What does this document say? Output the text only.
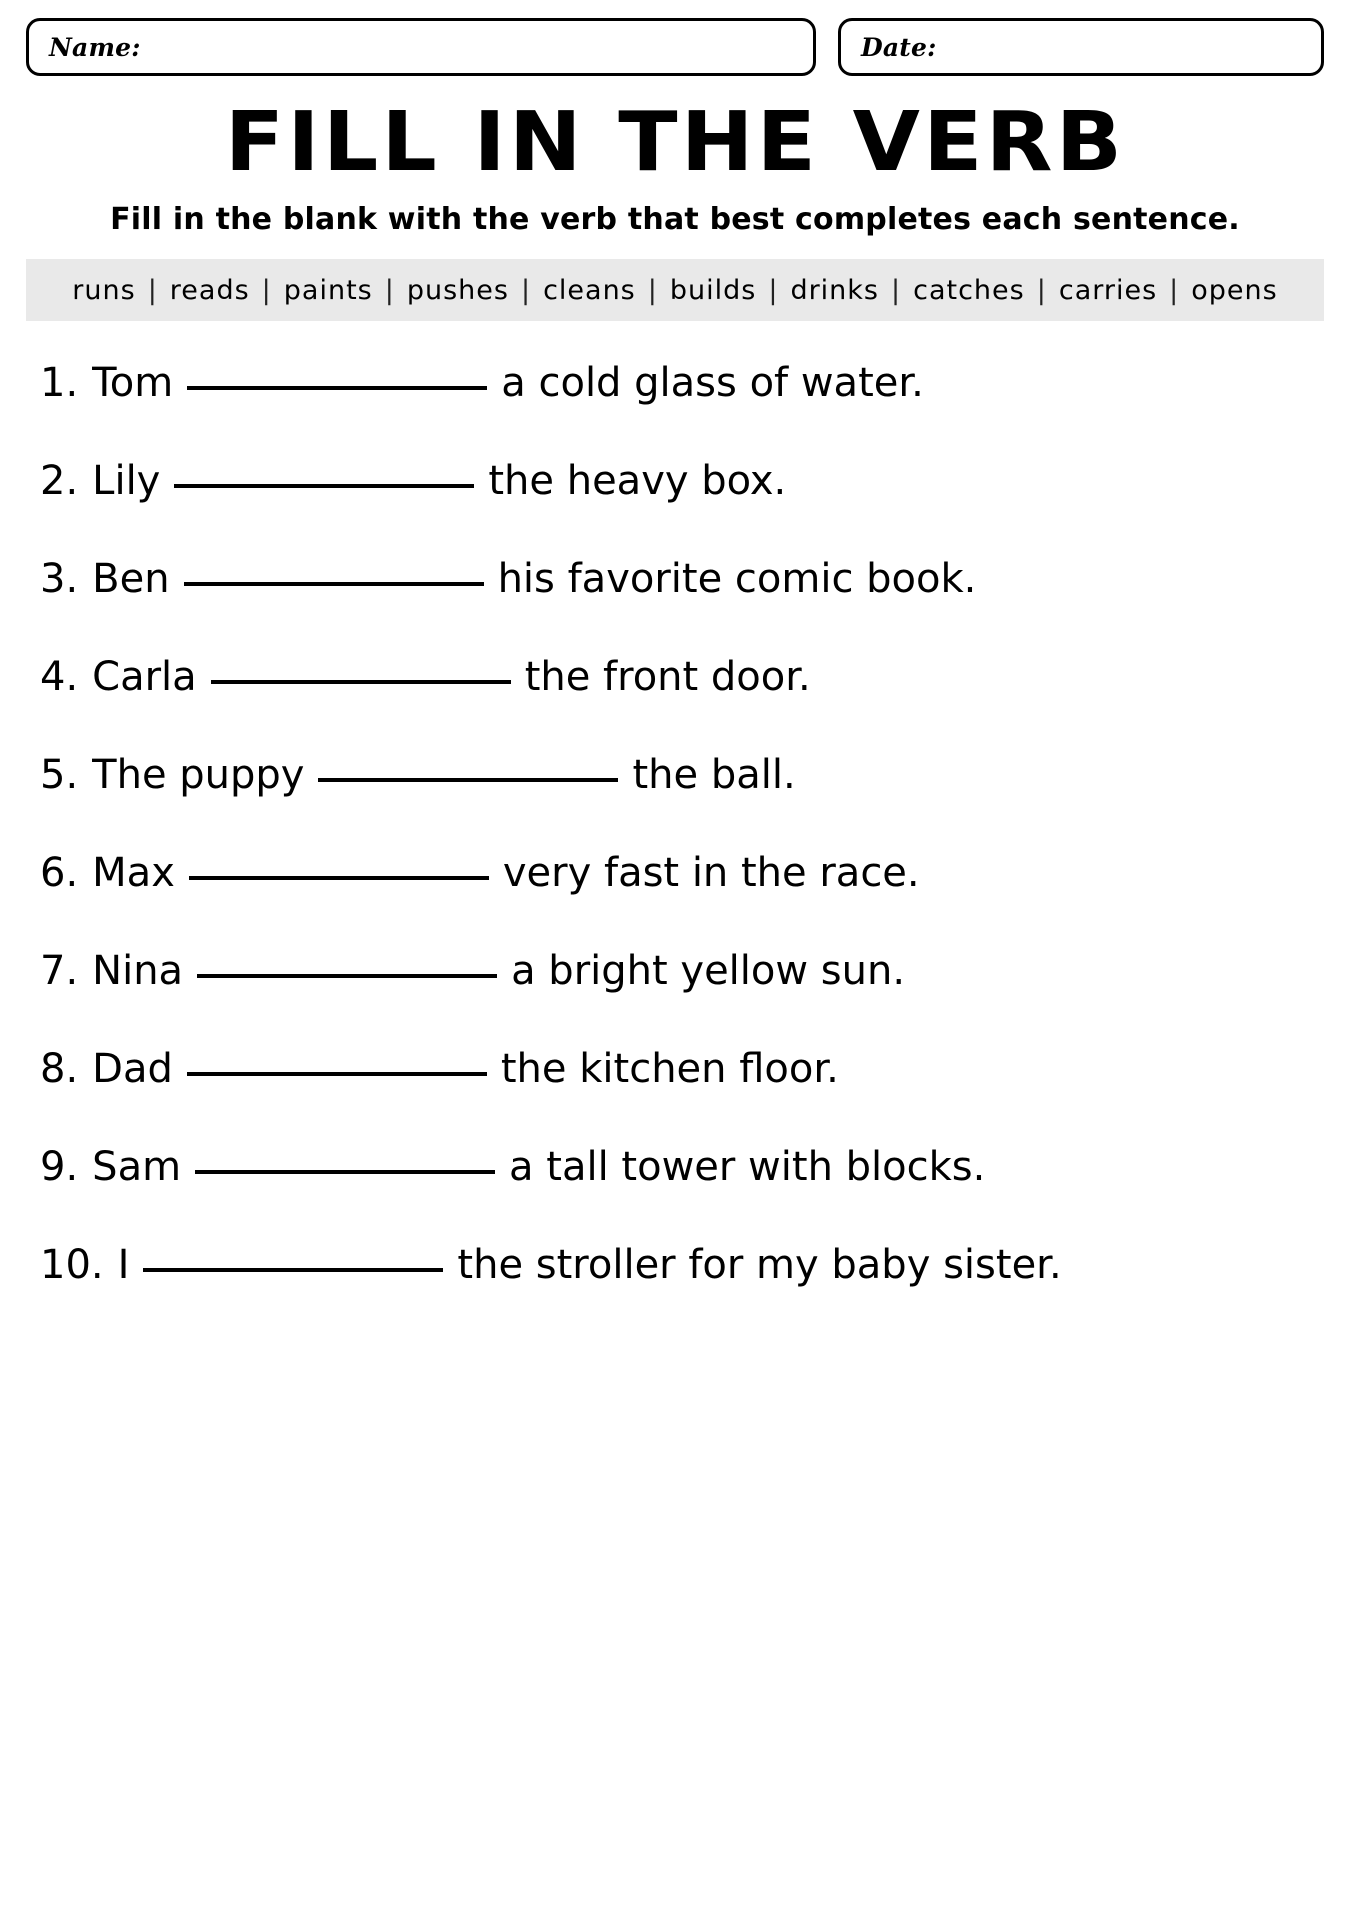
Name:	Date:
FILL IN THE VERB
Fill in the blank with the verb that best completes each sentence.
runs | reads | paints | pushes | cleans | builds | drinks | catches | carries | opens
1. Tom	a cold glass of water.
2. Lily	the heavy box.
3. Ben	his favorite comic book.
4. Carla	the front door.
5. The puppy	the ball.
6. Max	very fast in the race.
7. Nina	a bright yellow sun.
8. Dad	the kitchen floor.
9. Sam	a tall tower with blocks.
10. I	the stroller for my baby sister.
